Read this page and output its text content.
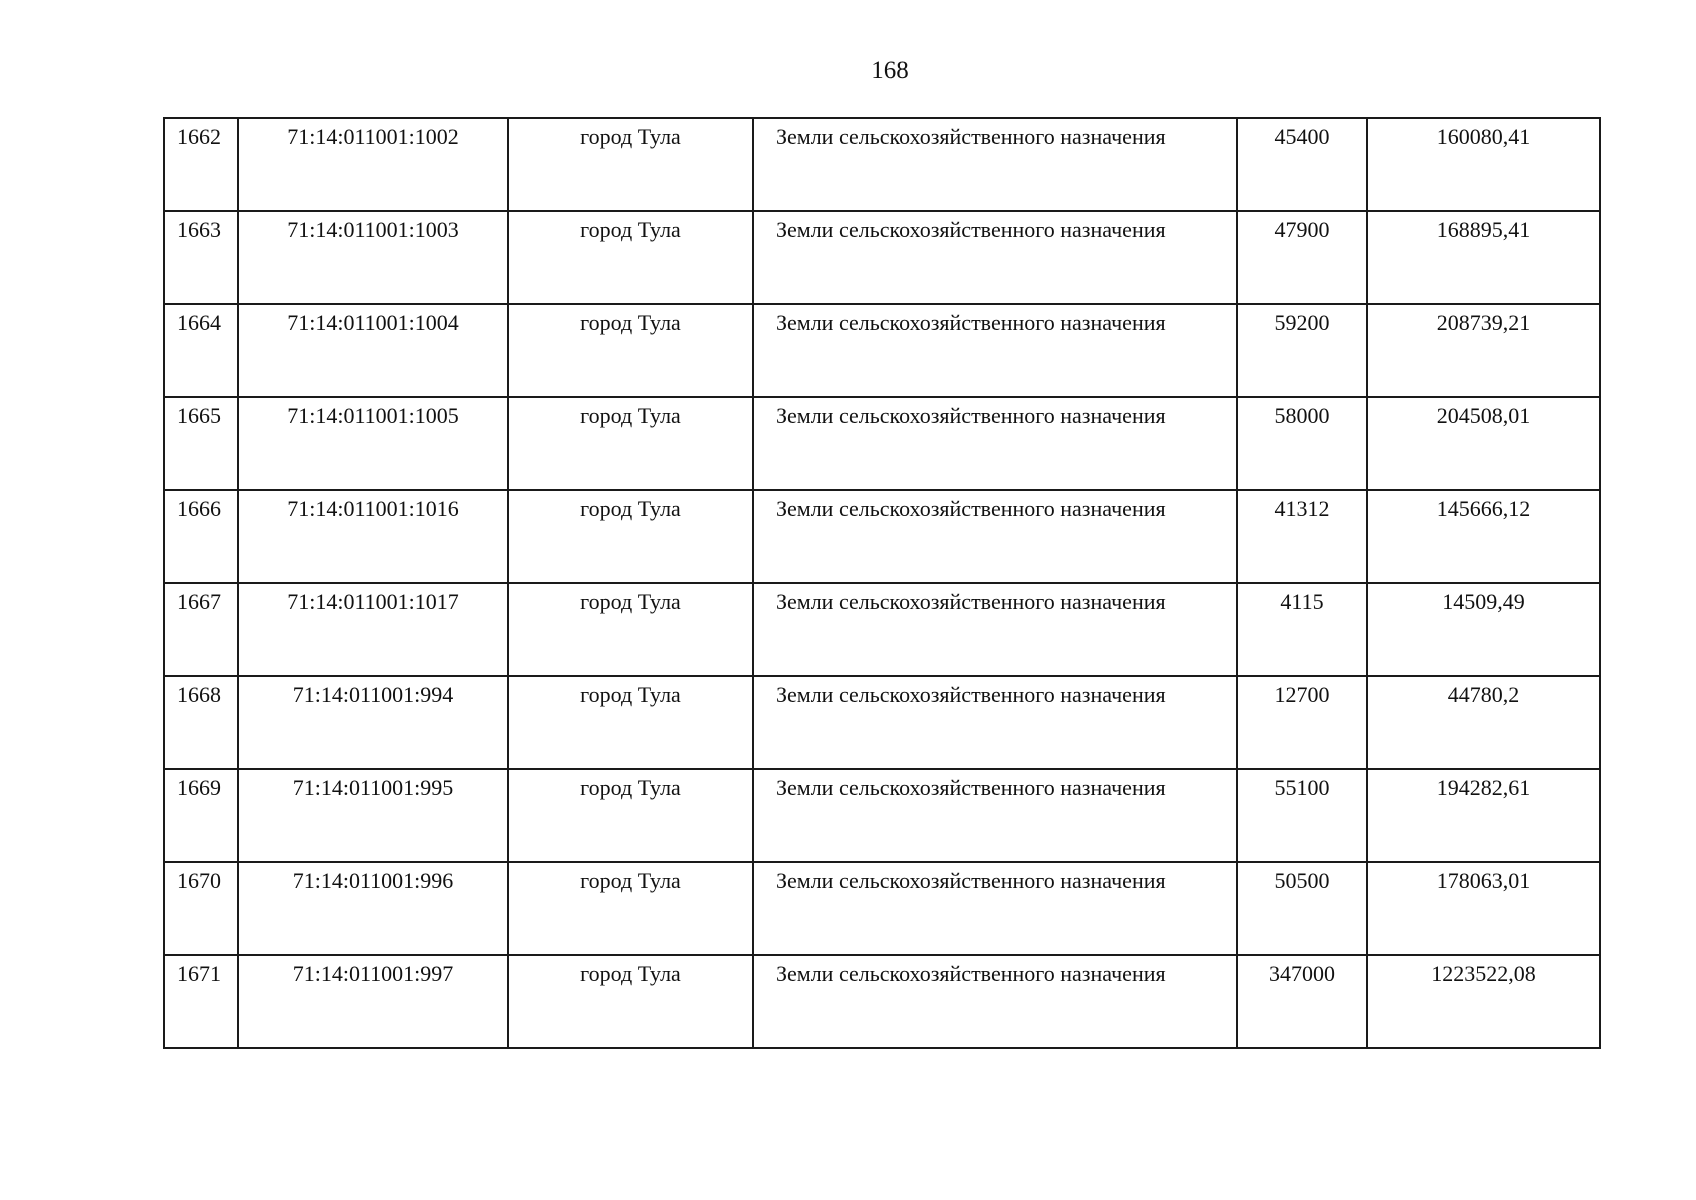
168
1662	71:14:011001:1002	город Тула	Земли сельскохозяйственного назначения	45400	160080,41
1663	71:14:011001:1003	город Тула	Земли сельскохозяйственного назначения	47900	168895,41
1664	71:14:011001:1004	город Тула	Земли сельскохозяйственного назначения	59200	208739,21
1665	71:14:011001:1005	город Тула	Земли сельскохозяйственного назначения	58000	204508,01
1666	71:14:011001:1016	город Тула	Земли сельскохозяйственного назначения	41312	145666,12
1667	71:14:011001:1017	город Тула	Земли сельскохозяйственного назначения	4115	14509,49
1668	71:14:011001:994	город Тула	Земли сельскохозяйственного назначения	12700	44780,2
1669	71:14:011001:995	город Тула	Земли сельскохозяйственного назначения	55100	194282,61
1670	71:14:011001:996	город Тула	Земли сельскохозяйственного назначения	50500	178063,01
1671	71:14:011001:997	город Тула	Земли сельскохозяйственного назначения	347000	1223522,08
